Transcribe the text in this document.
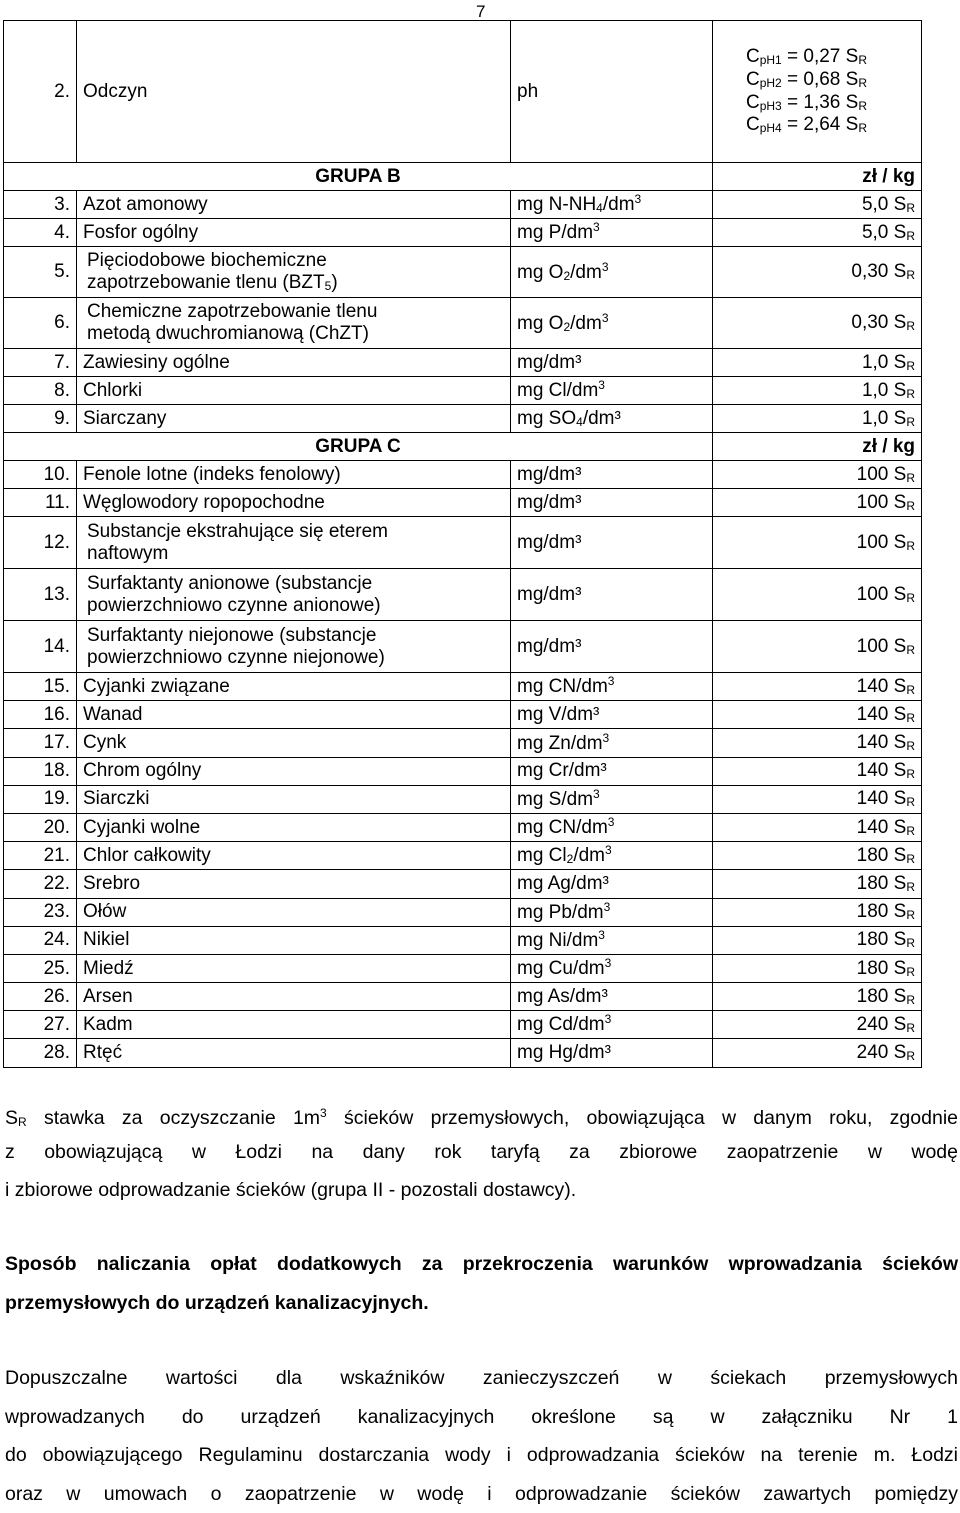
7
2.	Odczyn	ph	CpH1 = 0,27 SR
CpH2 = 0,68 SR
CpH3 = 1,36 SR
CpH4 = 2,64 SR

GRUPA B			zł / kg
3.	Azot amonowy	mg $N-NH4/dm^3$	5,0 SR
4.	Fosfor ogólny	mg $P/dm^3$	5,0 SR
5.	Pięciodobowe biochemiczne
zapotrzebowanie tlenu (BZT5)	mg $O2/dm^3$	0,30 SR
6.	Chemiczne zapotrzebowanie tlenu
metodą dwuchromianową (ChZT)	mg $O2/dm^3$	0,30 SR
7.	Zawiesiny ogólne	mg/dm³	1,0 SR
8.	Chlorki	mg $Cl/dm^3$	1,0 SR
9.	Siarczany	mg SO4/dm³	1,0 SR
GRUPA C			zł / kg
10.	Fenole lotne (indeks fenolowy)	mg/dm³	100 SR
11.	Węglowodory ropopochodne	mg/dm³	100 SR
12.	Substancje ekstrahujące się eterem
naftowym	mg/dm³	100 SR
13.	Surfaktanty anionowe (substancje
powierzchniowo czynne anionowe)	mg/dm³	100 SR
14.	Surfaktanty niejonowe (substancje
powierzchniowo czynne niejonowe)	mg/dm³	100 SR
15.	Cyjanki związane	mg $CN/dm^3$	140 SR
16.	Wanad	mg V/dm³	140 SR
17.	Cynk	mg $Zn/dm^3$	140 SR
18.	Chrom ogólny	mg Cr/dm³	140 SR
19.	Siarczki	mg $S/dm^3$	140 SR
20.	Cyjanki wolne	mg $CN/dm^3$	140 SR
21.	Chlor całkowity	mg $Cl2/dm^3$	180 SR
22.	Srebro	mg Ag/dm³	180 SR
23.	Ołów	mg $Pb/dm^3$	180 SR
24.	Nikiel	mg $Ni/dm^3$	180 SR
25.	Miedź	mg $Cu/dm^3$	180 SR
26.	Arsen	mg As/dm³	180 SR
27.	Kadm	mg $Cd/dm^3$	240 SR
28.	Rtęć	mg Hg/dm³	240 SR
SR stawka za oczyszczanie $1m^3$ ścieków przemysłowych, obowiązująca w danym roku, zgodnie
z obowiązującą w Łodzi na dany rok taryfą za zbiorowe zaopatrzenie w wodę
i zbiorowe odprowadzanie ścieków (grupa II - pozostali dostawcy).
Sposób naliczania opłat dodatkowych za przekroczenia warunków wprowadzania ścieków
przemysłowych do urządzeń kanalizacyjnych.
Dopuszczalne wartości dla wskaźników zanieczyszczeń w ściekach przemysłowych
wprowadzanych do urządzeń kanalizacyjnych określone są w załączniku Nr 1
do obowiązującego Regulaminu dostarczania wody i odprowadzania ścieków na terenie m. Łodzi
oraz w umowach o zaopatrzenie w wodę i odprowadzanie ścieków zawartych pomiędzy
